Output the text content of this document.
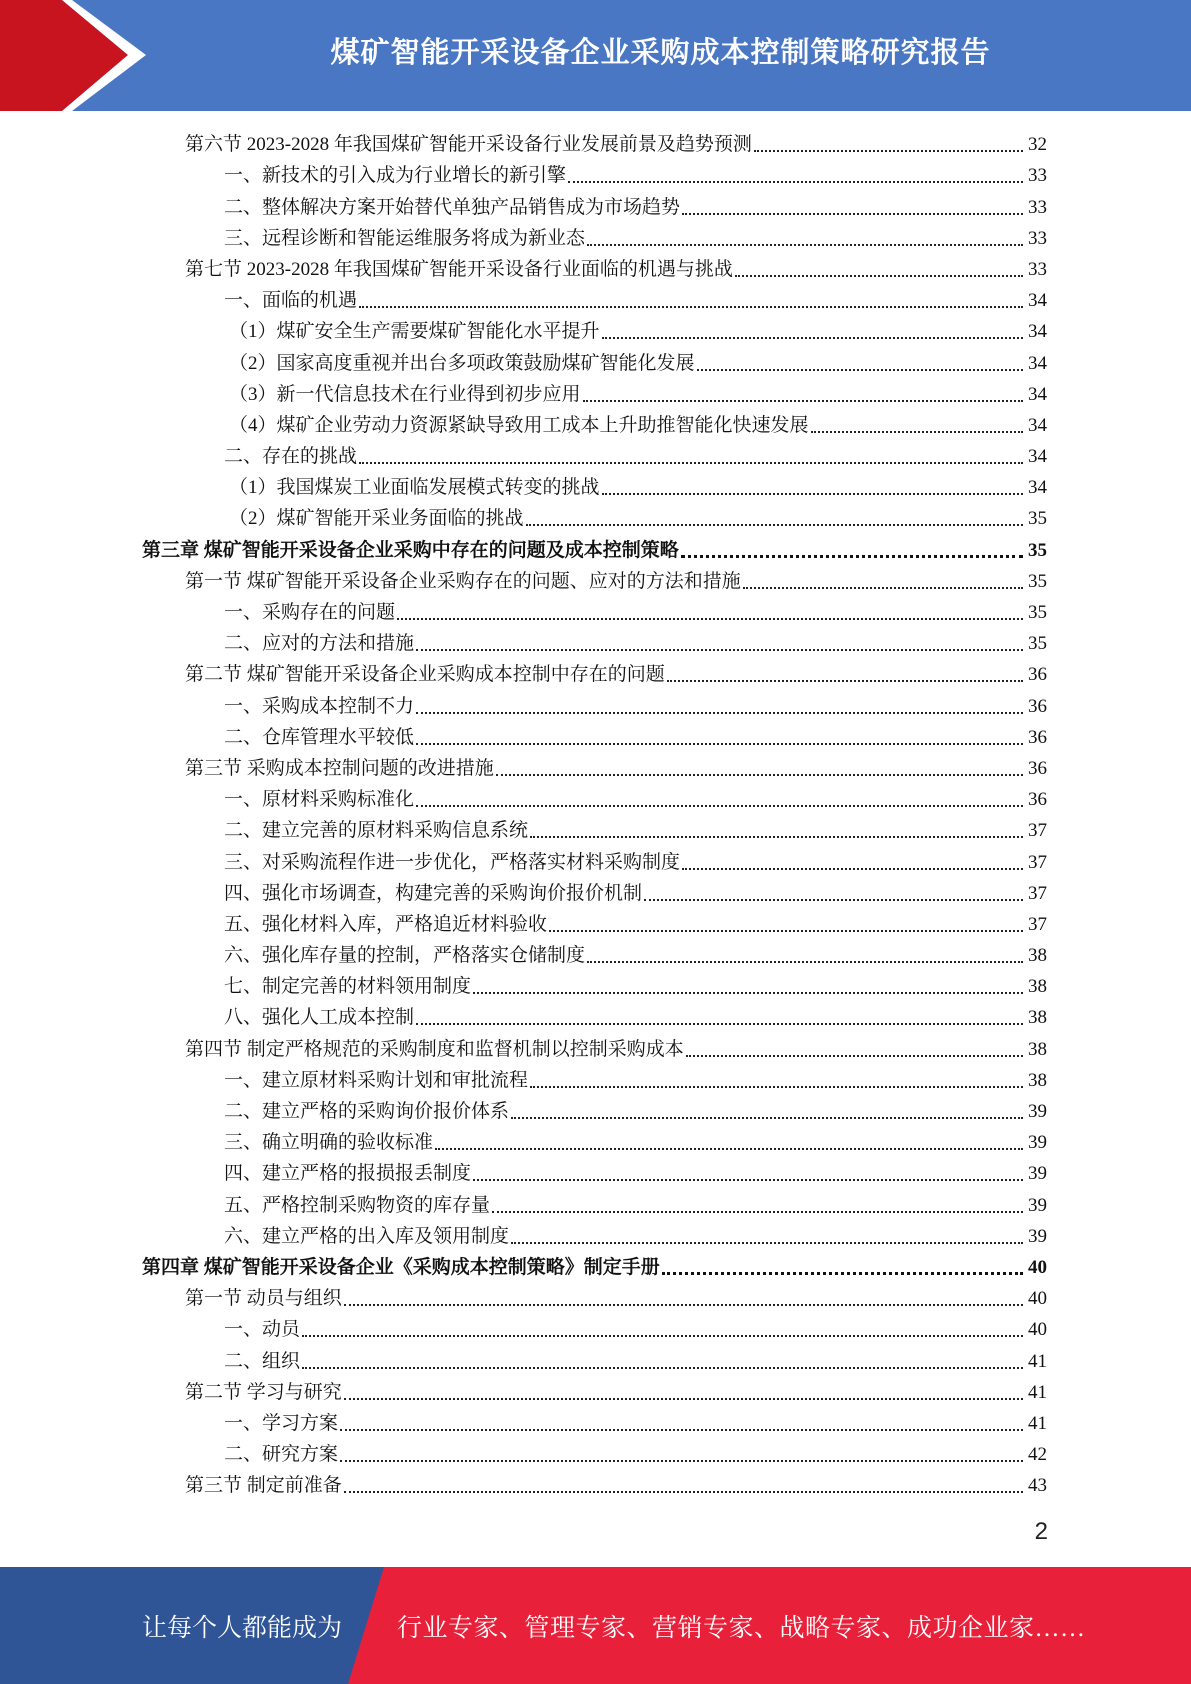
煤矿智能开采设备企业采购成本控制策略研究报告
第六节 2023-2028 年我国煤矿智能开采设备行业发展前景及趋势预测	32
一、新技术的引入成为行业增长的新引擎	33
二、整体解决方案开始替代单独产品销售成为市场趋势	33
三、远程诊断和智能运维服务将成为新业态	33
第七节 2023-2028 年我国煤矿智能开采设备行业面临的机遇与挑战	33
一、面临的机遇	34
（1）煤矿安全生产需要煤矿智能化水平提升	34
（2）国家高度重视并出台多项政策鼓励煤矿智能化发展	34
（3）新一代信息技术在行业得到初步应用	34
（4）煤矿企业劳动力资源紧缺导致用工成本上升助推智能化快速发展	34
二、存在的挑战	34
（1）我国煤炭工业面临发展模式转变的挑战	34
（2）煤矿智能开采业务面临的挑战	35
第三章 煤矿智能开采设备企业采购中存在的问题及成本控制策略	35
第一节 煤矿智能开采设备企业采购存在的问题、应对的方法和措施	35
一、采购存在的问题	35
二、应对的方法和措施	35
第二节 煤矿智能开采设备企业采购成本控制中存在的问题	36
一、采购成本控制不力	36
二、仓库管理水平较低	36
第三节 采购成本控制问题的改进措施	36
一、原材料采购标准化	36
二、建立完善的原材料采购信息系统	37
三、对采购流程作进一步优化，严格落实材料采购制度	37
四、强化市场调查，构建完善的采购询价报价机制	37
五、强化材料入库，严格追近材料验收	37
六、强化库存量的控制，严格落实仓储制度	38
七、制定完善的材料领用制度	38
八、强化人工成本控制	38
第四节 制定严格规范的采购制度和监督机制以控制采购成本	38
一、建立原材料采购计划和审批流程	38
二、建立严格的采购询价报价体系	39
三、确立明确的验收标准	39
四、建立严格的报损报丢制度	39
五、严格控制采购物资的库存量	39
六、建立严格的出入库及领用制度	39
第四章 煤矿智能开采设备企业《采购成本控制策略》制定手册	40
第一节 动员与组织	40
一、动员	40
二、组织	41
第二节 学习与研究	41
一、学习方案	41
二、研究方案	42
第三节 制定前准备	43
2
让每个人都能成为 行业专家、管理专家、营销专家、战略专家、成功企业家……
